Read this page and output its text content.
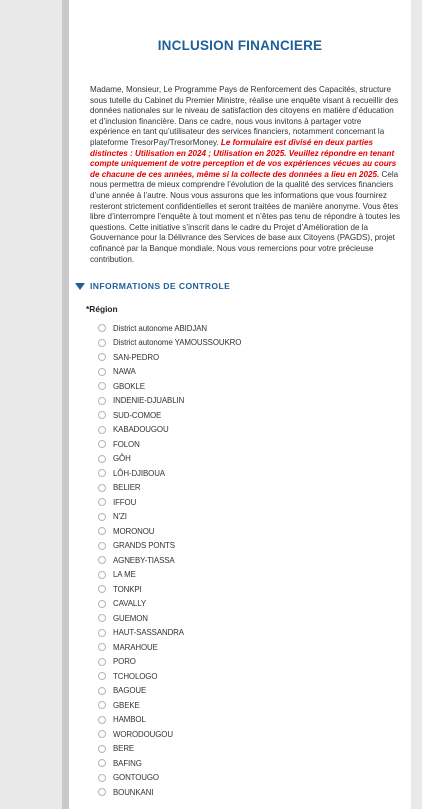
INCLUSION FINANCIERE
Madame, Monsieur, Le Programme Pays de Renforcement des Capacités, structure sous tutelle du Cabinet du Premier Ministre, réalise une enquête visant à recueillir des données nationales sur le niveau de satisfaction des citoyens en matière d’éducation et d’inclusion financière. Dans ce cadre, nous vous invitons à partager votre expérience en tant qu’utilisateur des services financiers, notamment concernant la plateforme TresorPay/TresorMoney. Le formulaire est divisé en deux parties distinctes : Utilisation en 2024 ; Utilisation en 2025. Veuillez répondre en tenant compte uniquement de votre perception et de vos expériences vécues au cours de chacune de ces années, même si la collecte des données a lieu en 2025. Cela nous permettra de mieux comprendre l’évolution de la qualité des services financiers d’une année à l’autre. Nous vous assurons que les informations que vous fournirez resteront strictement confidentielles et seront traitées de manière anonyme. Vous êtes libre d’interrompre l’enquête à tout moment et n’êtes pas tenu de répondre à toutes les questions. Cette initiative s’inscrit dans le cadre du Projet d’Amélioration de la Gouvernance pour la Délivrance des Services de base aux Citoyens (PAGDS), projet cofinancé par la Banque mondiale. Nous vous remercions pour votre précieuse contribution.
INFORMATIONS DE CONTROLE
*Région
District autonome ABIDJAN
District autonome YAMOUSSOUKRO
SAN-PEDRO
NAWA
GBOKLE
INDENIE-DJUABLIN
SUD-COMOE
KABADOUGOU
FOLON
GÔH
LÔH-DJIBOUA
BELIER
IFFOU
N'ZI
MORONOU
GRANDS PONTS
AGNEBY-TIASSA
LA ME
TONKPI
CAVALLY
GUEMON
HAUT-SASSANDRA
MARAHOUE
PORO
TCHOLOGO
BAGOUE
GBEKE
HAMBOL
WORODOUGOU
BERE
BAFING
GONTOUGO
BOUNKANI
